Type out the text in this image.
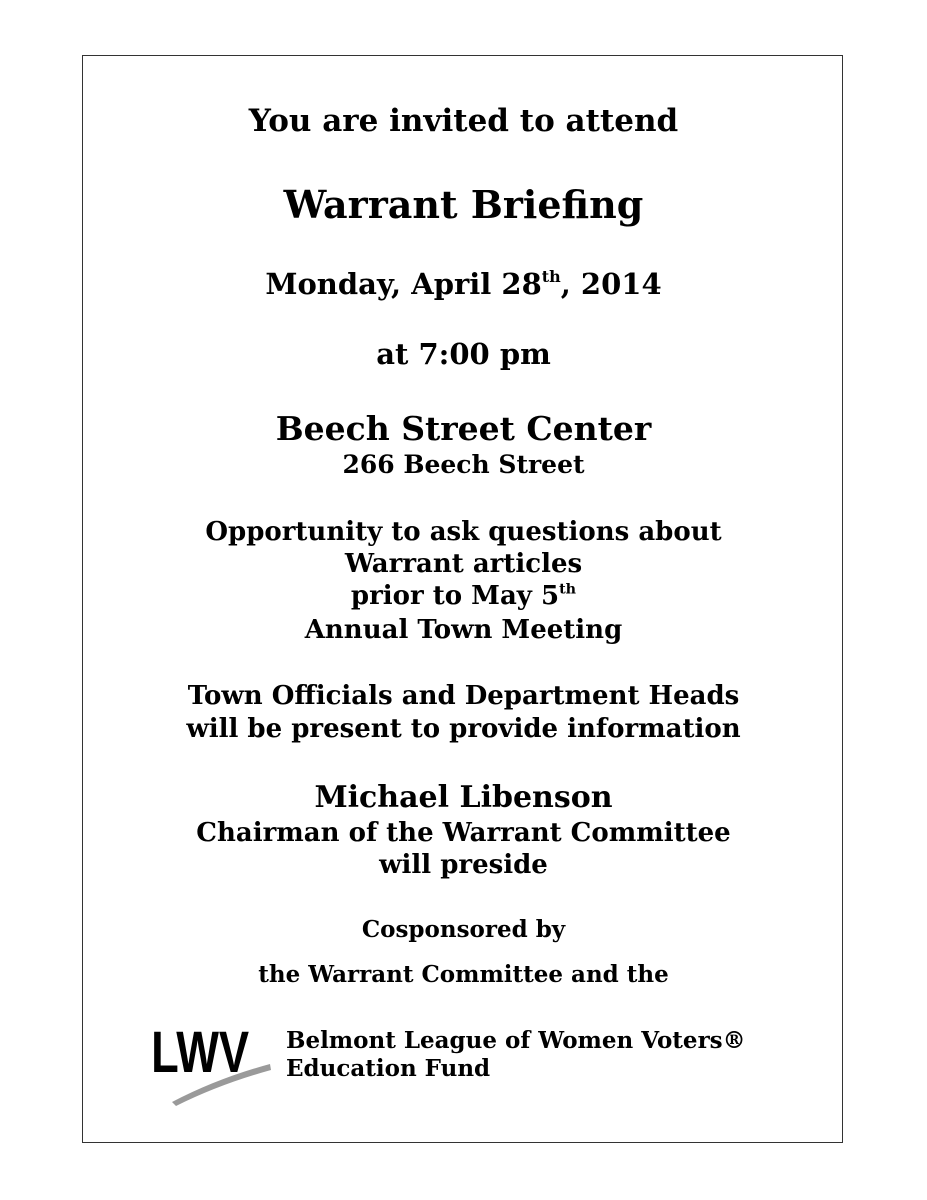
You are invited to attend
Warrant Briefing
Monday, April 28th, 2014
at 7:00 pm
Beech Street Center
266 Beech Street
Opportunity to ask questions about
Warrant articles
prior to May 5th
Annual Town Meeting
Town Officials and Department Heads
will be present to provide information
Michael Libenson
Chairman of the Warrant Committee
will preside
Cosponsored by
the Warrant Committee and the
LWV Belmont League of Women Voters®
Education Fund
